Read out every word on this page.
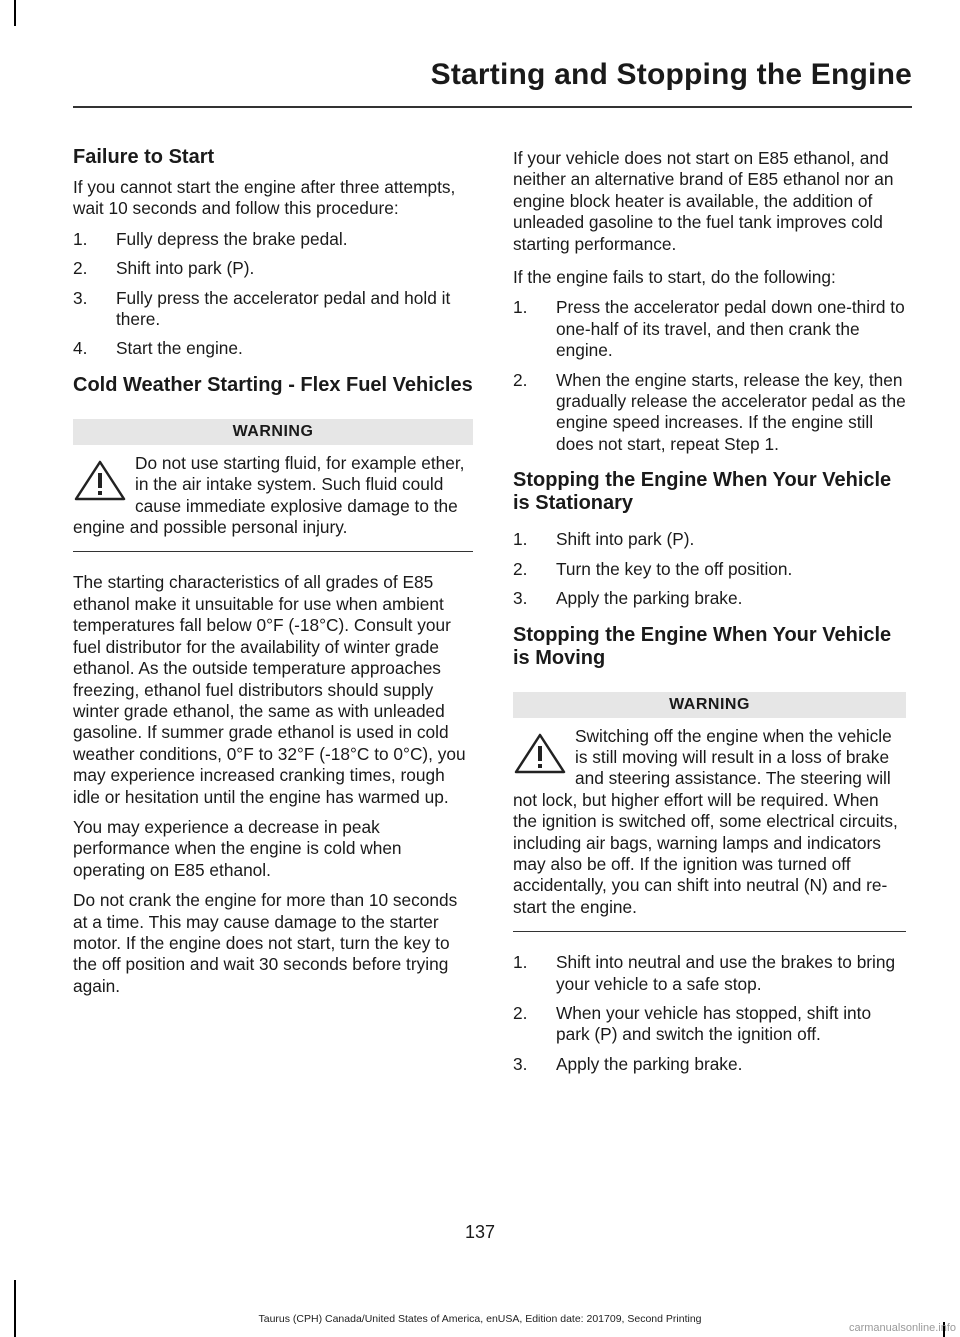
Starting and Stopping the Engine
Failure to Start

If you cannot start the engine after three attempts, wait 10 seconds and follow this procedure:

1. Fully depress the brake pedal.
2. Shift into park (P).
3. Fully press the accelerator pedal and hold it there.
4. Start the engine.
Cold Weather Starting - Flex Fuel Vehicles
WARNING
Do not use starting fluid, for example ether, in the air intake system. Such fluid could cause immediate explosive damage to the engine and possible personal injury.

The starting characteristics of all grades of E85 ethanol make it unsuitable for use when ambient temperatures fall below 0°F (-18°C). Consult your fuel distributor for the availability of winter grade ethanol. As the outside temperature approaches freezing, ethanol fuel distributors should supply winter grade ethanol, the same as with unleaded gasoline. If summer grade ethanol is used in cold weather conditions, 0°F to 32°F (-18°C to 0°C), you may experience increased cranking times, rough idle or hesitation until the engine has warmed up.

You may experience a decrease in peak performance when the engine is cold when operating on E85 ethanol.

Do not crank the engine for more than 10 seconds at a time. This may cause damage to the starter motor. If the engine does not start, turn the key to the off position and wait 30 seconds before trying again.

If your vehicle does not start on E85 ethanol, and neither an alternative brand of E85 ethanol nor an engine block heater is available, the addition of unleaded gasoline to the fuel tank improves cold starting performance.

If the engine fails to start, do the following:

1. Press the accelerator pedal down one-third to one-half of its travel, and then crank the engine.
2. When the engine starts, release the key, then gradually release the accelerator pedal as the engine speed increases. If the engine still does not start, repeat Step 1.
Stopping the Engine When Your Vehicle is Stationary
1. Shift into park (P).
2. Turn the key to the off position.
3. Apply the parking brake.
Stopping the Engine When Your Vehicle is Moving
WARNING
Switching off the engine when the vehicle is still moving will result in a loss of brake and steering assistance. The steering will not lock, but higher effort will be required. When the ignition is switched off, some electrical circuits, including air bags, warning lamps and indicators may also be off. If the ignition was turned off accidentally, you can shift into neutral (N) and re-start the engine.
1. Shift into neutral and use the brakes to bring your vehicle to a safe stop.
2. When your vehicle has stopped, shift into park (P) and switch the ignition off.
3. Apply the parking brake.
137
Taurus (CPH) Canada/United States of America, enUSA, Edition date: 201709, Second Printing
carmanualsonline.info
